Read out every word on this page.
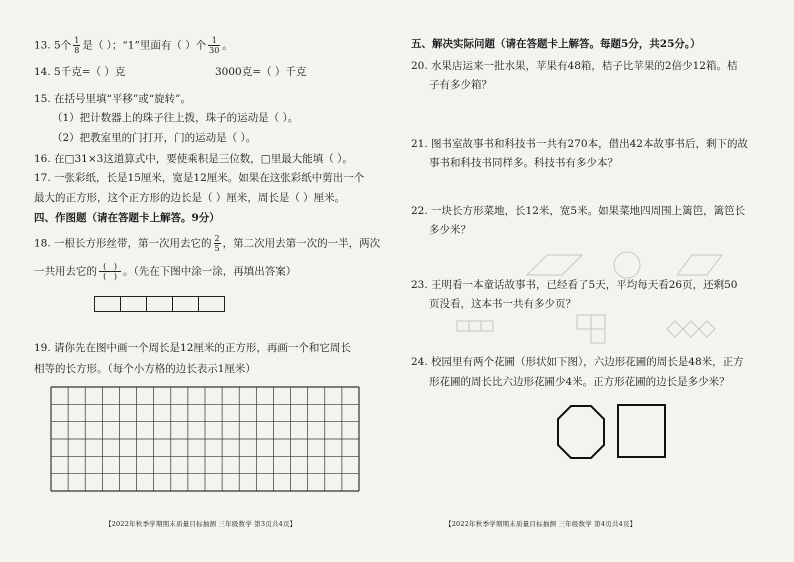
13. 5个 $\frac{1}{8}$ 是（ ）；“1”里面有（ ）个 $\frac{1}{30}$ 。
14. 5千克=（ ）克	3000克=（ ）千克
15. 在括号里填“平移”或“旋转”。
（1）把计数器上的珠子往上拨，珠子的运动是（ ）。
（2）把教室里的门打开，门的运动是（ ）。
16. 在□31×3这道算式中，要使乘积是三位数，□里最大能填（ ）。
17. 一张彩纸，长是15厘米，宽是12厘米。如果在这张彩纸中剪出一个
最大的正方形，这个正方形的边长是（ ）厘米，周长是（ ）厘米。
四、作图题（请在答题卡上解答。9分）
18. 一根长方形丝带，第一次用去它的 $\frac{2}{5}$ ，第二次用去第一次的一半，两次
一共用去它的 $\frac{( )}{( )}$ 。（先在下图中涂一涂，再填出答案）
19. 请你先在图中画一个周长是12厘米的正方形，再画一个和它周长
相等的长方形。（每个小方格的边长表示1厘米）
【2022年秋季学期期末质量目标抽测 三年级数学 第3页共4页】
五、解决实际问题（请在答题卡上解答。每题5分，共25分。）
20. 水果店运来一批水果，苹果有48箱，桔子比苹果的2倍少12箱。桔
子有多少箱？
21. 图书室故事书和科技书一共有270本，借出42本故事书后，剩下的故
事书和科技书同样多。科技书有多少本？
22. 一块长方形菜地，长12米，宽5米。如果菜地四周围上篱笆，篱笆长
多少米？
23. 王明看一本童话故事书，已经看了5天，平均每天看26页，还剩50
页没看，这本书一共有多少页？
24. 校园里有两个花圃（形状如下图），六边形花圃的周长是48米，正方
形花圃的周长比六边形花圃少4米。正方形花圃的边长是多少米？
【2022年秋季学期期末质量目标抽测 三年级数学 第4页共4页】
